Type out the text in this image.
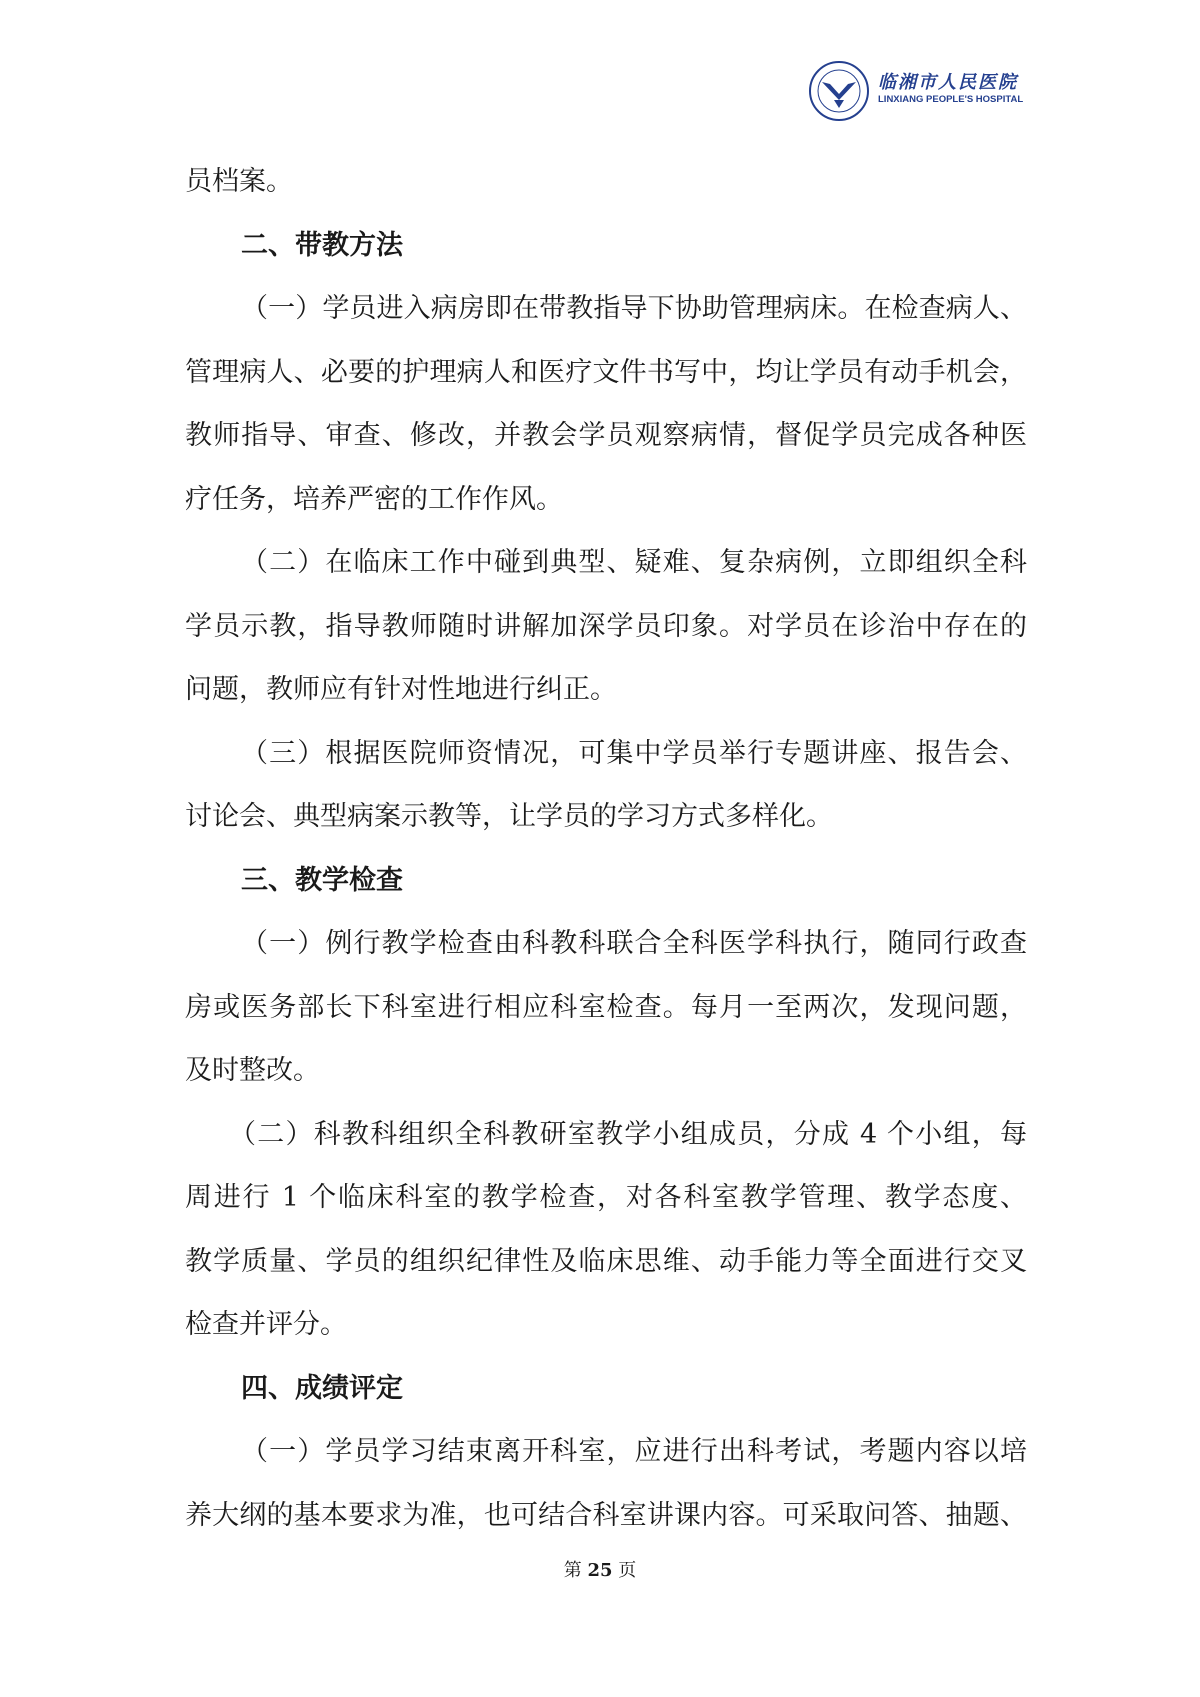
临湘市人民医院
LINXIANG PEOPLE'S HOSPITAL
员档案。
二、带教方法
（一）学员进入病房即在带教指导下协助管理病床。在检查病人、
管理病人、必要的护理病人和医疗文件书写中，均让学员有动手机会，
教师指导、审查、修改，并教会学员观察病情，督促学员完成各种医
疗任务，培养严密的工作作风。
（二）在临床工作中碰到典型、疑难、复杂病例，立即组织全科
学员示教，指导教师随时讲解加深学员印象。对学员在诊治中存在的
问题，教师应有针对性地进行纠正。
（三）根据医院师资情况，可集中学员举行专题讲座、报告会、
讨论会、典型病案示教等，让学员的学习方式多样化。
三、教学检查
（一）例行教学检查由科教科联合全科医学科执行，随同行政查
房或医务部长下科室进行相应科室检查。每月一至两次，发现问题，
及时整改。
（二）科教科组织全科教研室教学小组成员，分成 4 个小组，每
周进行 1 个临床科室的教学检查，对各科室教学管理、教学态度、
教学质量、学员的组织纪律性及临床思维、动手能力等全面进行交叉
检查并评分。
四、成绩评定
（一）学员学习结束离开科室，应进行出科考试，考题内容以培
养大纲的基本要求为准，也可结合科室讲课内容。可采取问答、抽题、
第 25 页
